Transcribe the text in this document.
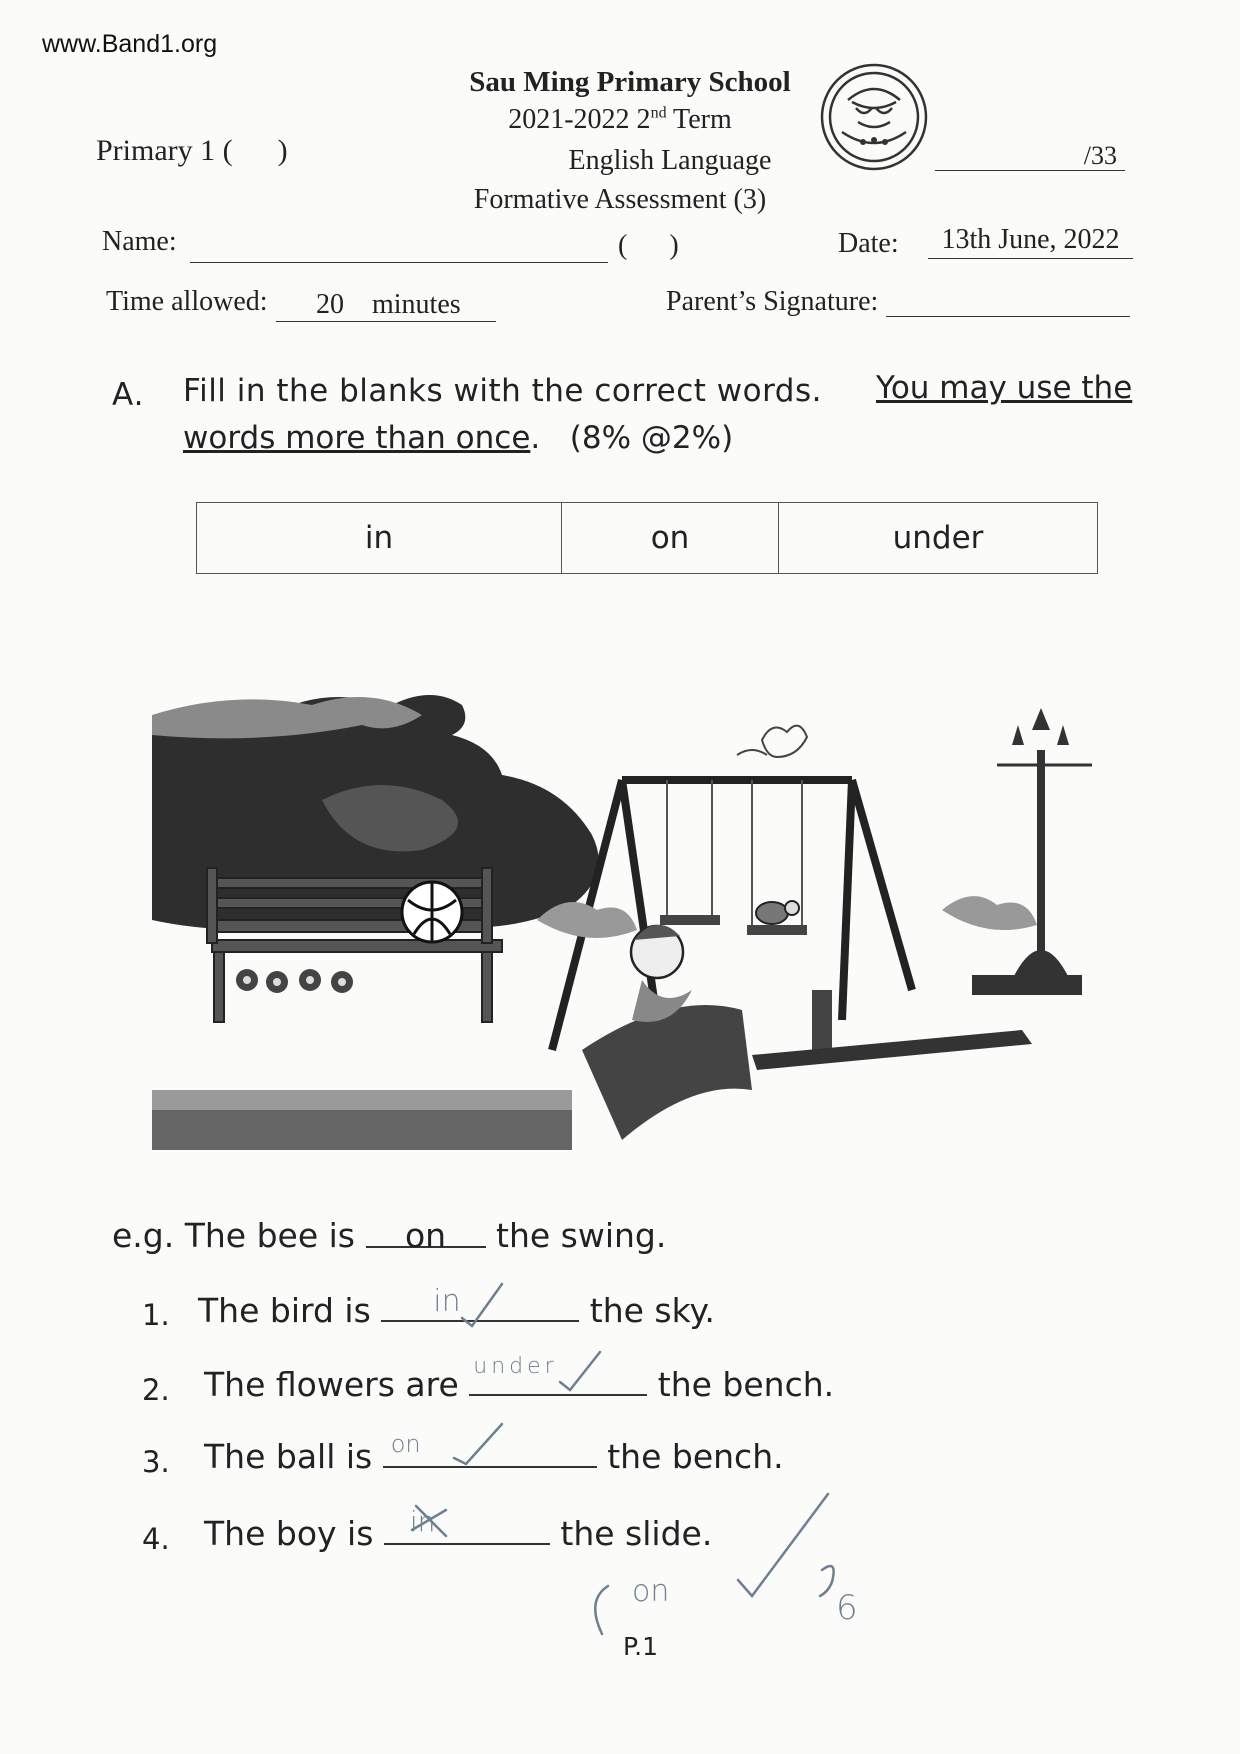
www.Band1.org
Sau Ming Primary School
2021-2022 2nd Term
English Language
Formative Assessment (3)
Primary 1 (      )	/33
Name:	(      )	Date:	13th June, 2022
Time allowed:	20    minutes	Parent’s Signature:
A. Fill in the blanks with the correct words. You may use the
words more than once.   (8% @2%)
in	on	under
e.g. The bee is on the swing.
1. The bird is in	the sky.
2. The flowers are under	the bench.
3. The ball is on	the bench.
4. The boy is in	the slide.
on	6
P.1
